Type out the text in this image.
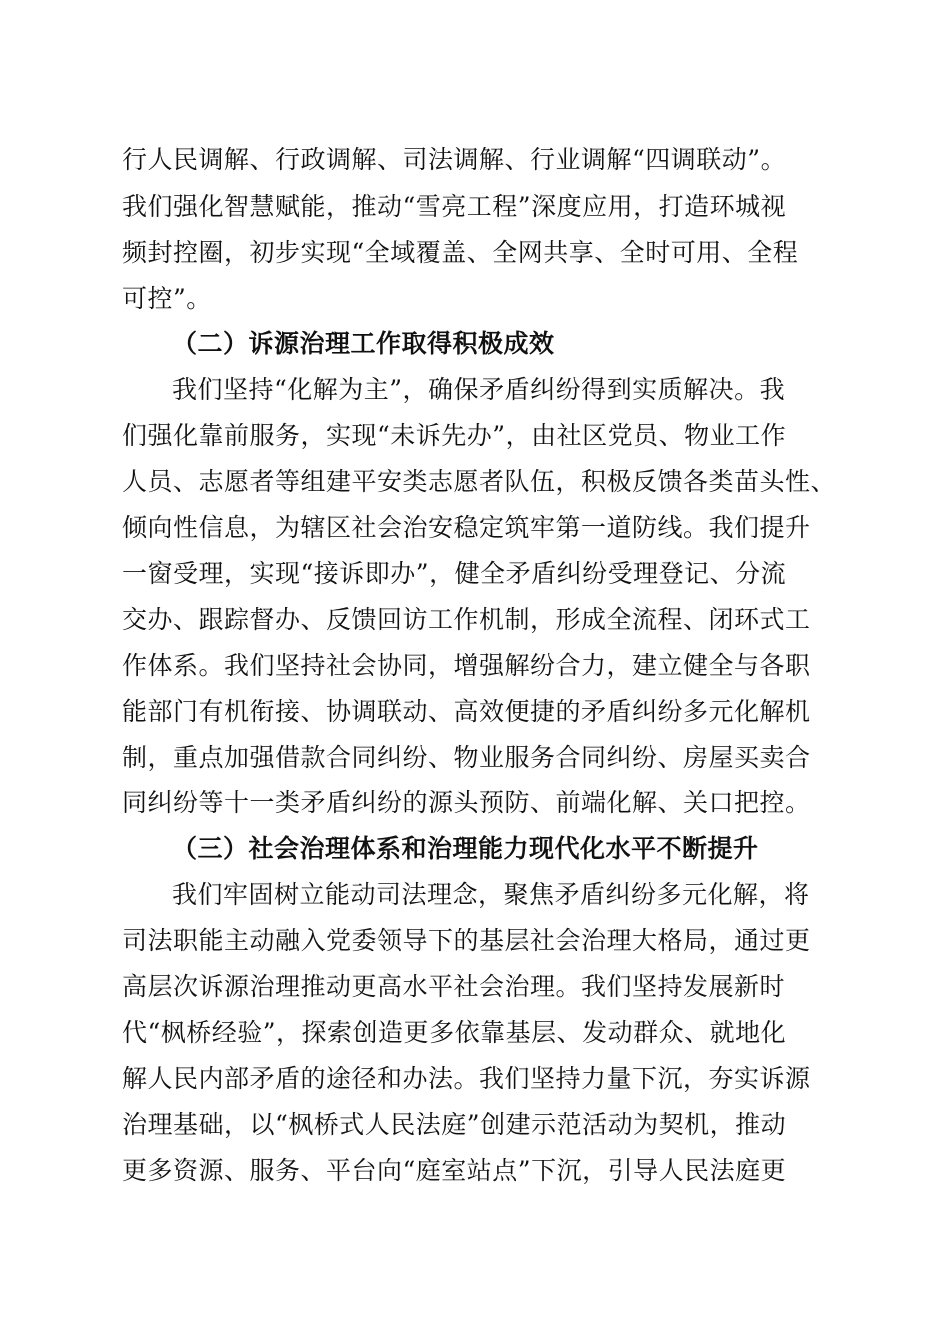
行人民调解、行政调解、司法调解、行业调解“四调联动”。
我们强化智慧赋能，推动“雪亮工程”深度应用，打造环城视
频封控圈，初步实现“全域覆盖、全网共享、全时可用、全程
可控”。
（二）诉源治理工作取得积极成效
我们坚持“化解为主”，确保矛盾纠纷得到实质解决。我
们强化靠前服务，实现“未诉先办”，由社区党员、物业工作
人员、志愿者等组建平安类志愿者队伍，积极反馈各类苗头性、
倾向性信息，为辖区社会治安稳定筑牢第一道防线。我们提升
一窗受理，实现“接诉即办”，健全矛盾纠纷受理登记、分流
交办、跟踪督办、反馈回访工作机制，形成全流程、闭环式工
作体系。我们坚持社会协同，增强解纷合力，建立健全与各职
能部门有机衔接、协调联动、高效便捷的矛盾纠纷多元化解机
制，重点加强借款合同纠纷、物业服务合同纠纷、房屋买卖合
同纠纷等十一类矛盾纠纷的源头预防、前端化解、关口把控。
（三）社会治理体系和治理能力现代化水平不断提升
我们牢固树立能动司法理念，聚焦矛盾纠纷多元化解，将
司法职能主动融入党委领导下的基层社会治理大格局，通过更
高层次诉源治理推动更高水平社会治理。我们坚持发展新时
代“枫桥经验”，探索创造更多依靠基层、发动群众、就地化
解人民内部矛盾的途径和办法。我们坚持力量下沉，夯实诉源
治理基础，以“枫桥式人民法庭”创建示范活动为契机，推动
更多资源、服务、平台向“庭室站点”下沉，引导人民法庭更
